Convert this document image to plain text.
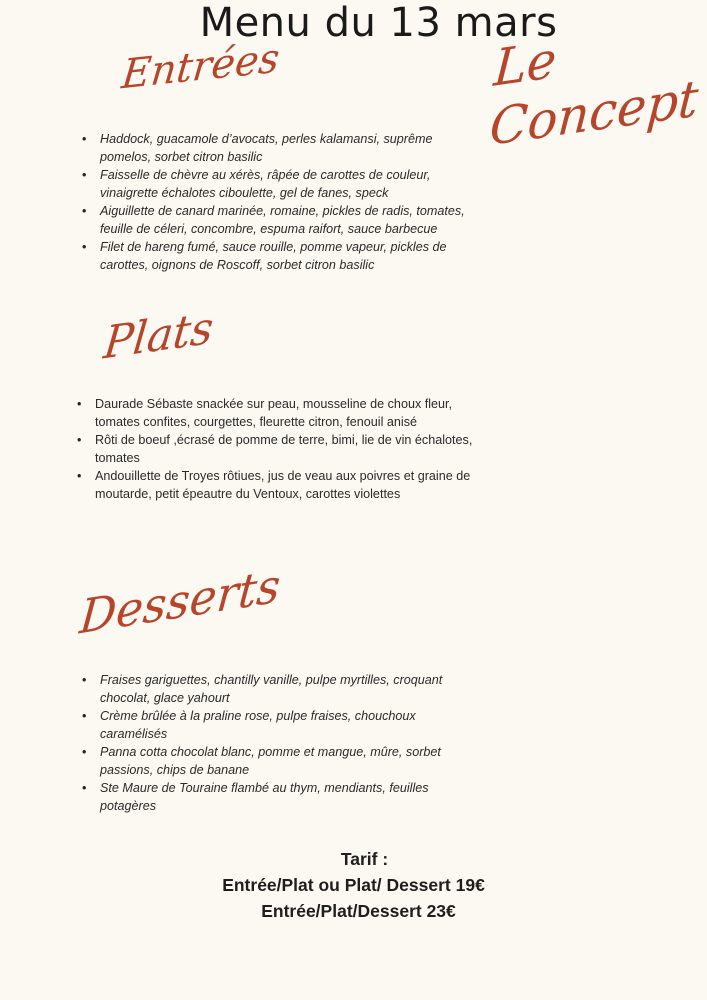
Menu du 13 mars
Le Concept
Entrées
• Haddock, guacamole d’avocats, perles kalamansi, suprême pomelos, sorbet citron basilic
• Faisselle de chèvre au xérès, râpée de carottes de couleur, vinaigrette échalotes ciboulette, gel de fanes, speck
• Aiguillette de canard marinée, romaine, pickles de radis, tomates, feuille de céleri, concombre, espuma raifort, sauce barbecue
• Filet de hareng fumé, sauce rouille, pomme vapeur, pickles de carottes, oignons de Roscoff, sorbet citron basilic
Plats
• Daurade Sébaste snackée sur peau, mousseline de choux fleur, tomates confites, courgettes, fleurette citron, fenouil anisé
• Rôti de boeuf ,écrasé de pomme de terre, bimi, lie de vin échalotes, tomates
• Andouillette de Troyes rôtiues, jus de veau aux poivres et graine de moutarde, petit épeautre du Ventoux, carottes violettes
Desserts
• Fraises gariguettes, chantilly vanille, pulpe myrtilles, croquant chocolat, glace yahourt
• Crème brûlée à la praline rose, pulpe fraises, chouchoux caramélisés
• Panna cotta chocolat blanc, pomme et mangue, mûre, sorbet passions, chips de banane
• Ste Maure de Touraine flambé au thym, mendiants, feuilles potagères
Tarif :
Entrée/Plat ou Plat/ Dessert 19€
Entrée/Plat/Dessert 23€
